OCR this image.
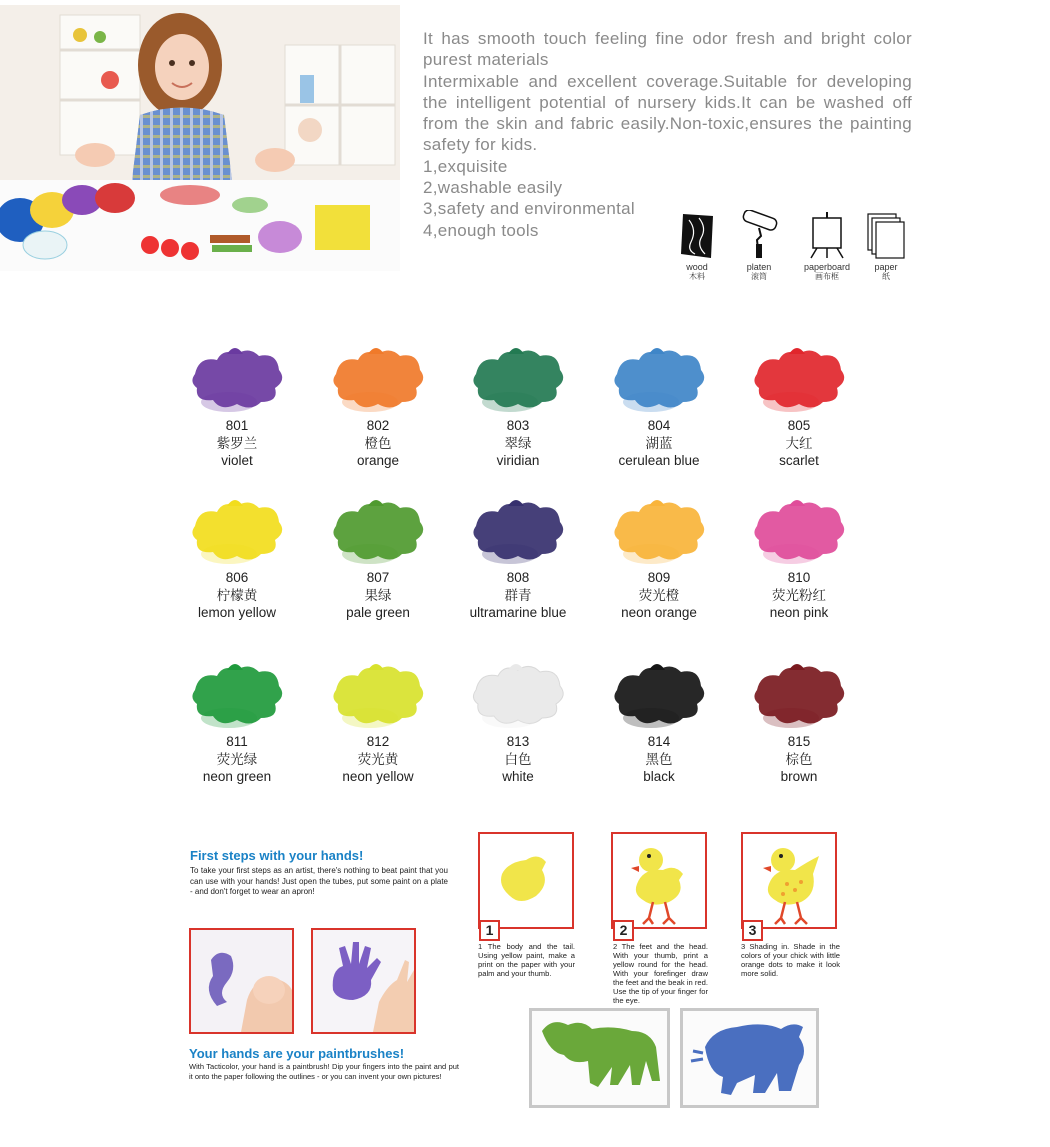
It has smooth touch feeling fine odor fresh and bright color purest materials

Intermixable and excellent coverage.Suitable for developing the intelligent potential of nursery kids.It can be washed off from the skin and fabric easily.Non-toxic,ensures the painting safety for kids.

1,exquisite

2,washable easily

3,safety and environmental

4,enough tools

wood
木料
platen
滚筒
paperboard
画布框
paper
纸
801
紫罗兰
violet
802
橙色
orange
803
翠绿
viridian
804
湖蓝
cerulean blue
805
大红
scarlet
806
柠檬黄
lemon yellow
807
果绿
pale green
808
群青
ultramarine blue
809
荧光橙
neon orange
810
荧光粉红
neon pink
811
荧光绿
neon green
812
荧光黄
neon yellow
813
白色
white
814
黑色
black
815
棕色
brown
First steps with your hands!
To take your first steps as an artist, there's nothing to beat paint that you can use with your hands! Just open the tubes, put some paint on a plate - and don't forget to wear an apron!
Your hands are your paintbrushes!
With Tacticolor, your hand is a paintbrush! Dip your fingers into the paint and put it onto the paper following the outlines - or you can invent your own pictures!
1
1 The body and the tail. Using yellow paint, make a print on the paper with your palm and your thumb.
2
2 The feet and the head. With your thumb, print a yellow round for the head. With your forefinger draw the feet and the beak in red. Use the tip of your finger for the eye.
3
3 Shading in. Shade in the colors of your chick with little orange dots to make it look more solid.
